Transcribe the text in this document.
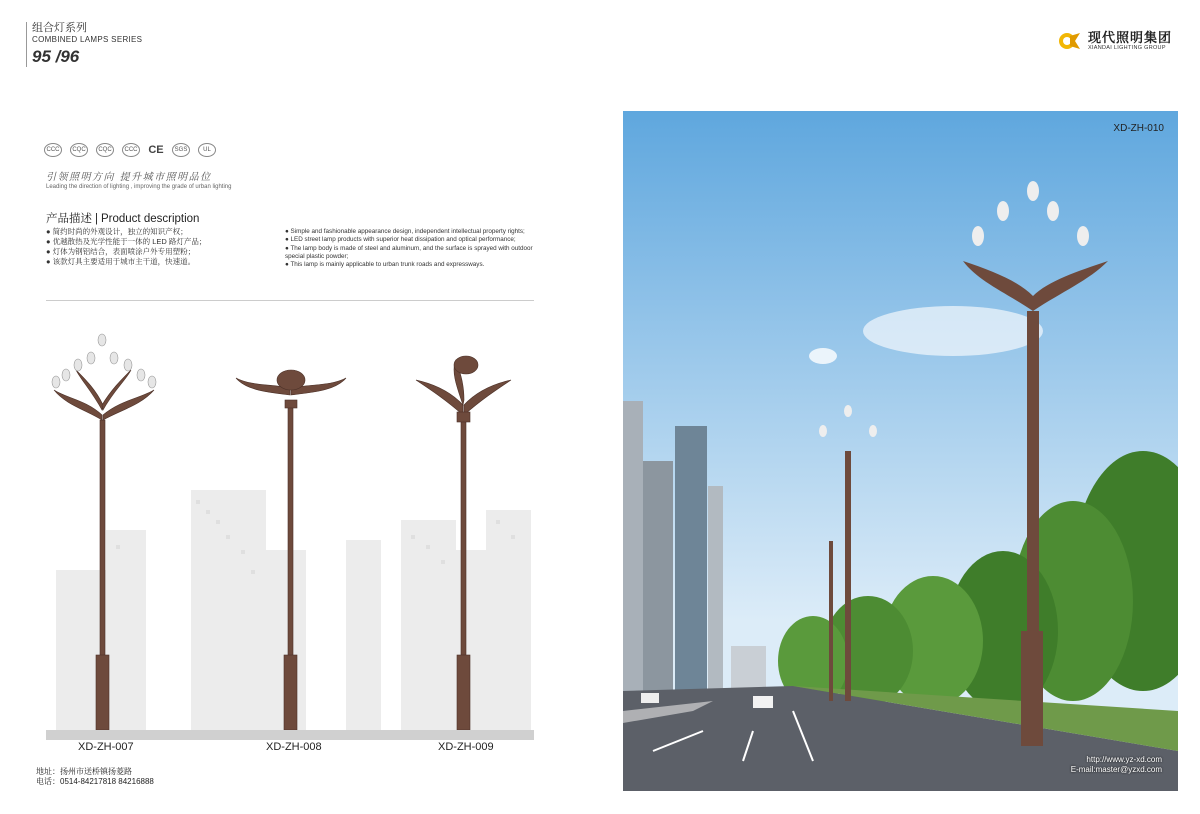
组合灯系列
COMBINED LAMPS SERIES
95 /96
现代照明集团
XIANDAI LIGHTING GROUP
CCC	CQC	CQC	CCC CE	SGS	UL
引领照明方向 提升城市照明品位
Leading the direction of lighting , improving the grade of urban lighting
产品描述 | Product description
● 简约时尚的外观设计，独立的知识产权；
● 优越散热及光学性能于一体的 LED 路灯产品；
● 灯体为钢铝结合，表面喷涂户外专用塑粉；
● 该款灯具主要适用于城市主干道，快速道。
● Simple and fashionable appearance design, independent intellectual property rights;
● LED street lamp products with superior heat dissipation and optical performance;
● The lamp body is made of steel and aluminum, and the surface is sprayed with outdoor special plastic powder;
● This lamp is mainly applicable to urban trunk roads and expressways.
XD-ZH-007	XD-ZH-008	XD-ZH-009
地址：扬州市送桥镇扬菱路
电话：0514-84217818 84216888
XD-ZH-010
http://www.yz-xd.com
E-mail:master@yzxd.com
